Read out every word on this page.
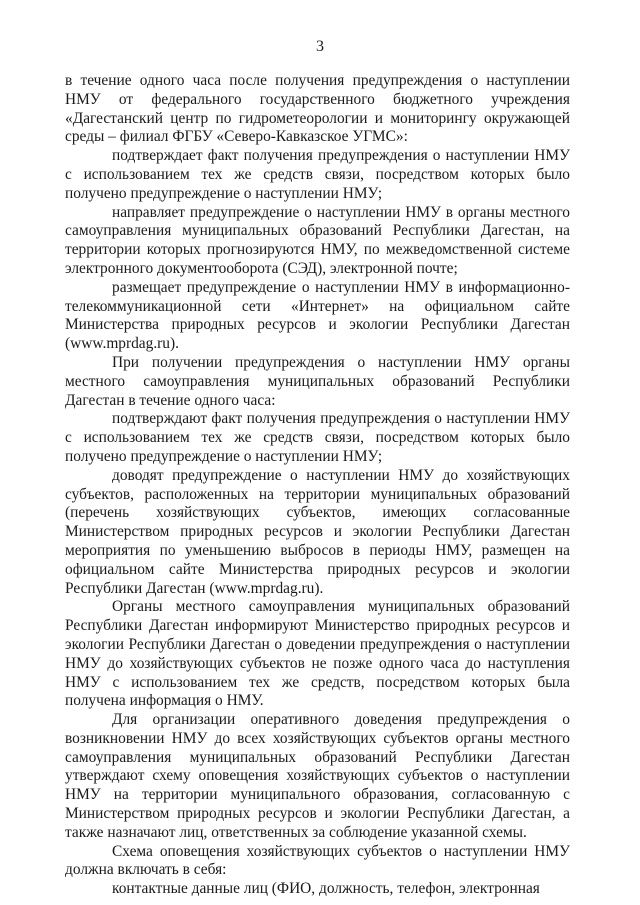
3

в течение одного часа после получения предупреждения о наступлении НМУ от федерального государственного бюджетного учреждения «Дагестанский центр по гидрометеорологии и мониторингу окружающей среды – филиал ФГБУ «Северо-Кавказское УГМС»:

подтверждает факт получения предупреждения о наступлении НМУ с использованием тех же средств связи, посредством которых было получено предупреждение о наступлении НМУ;

направляет предупреждение о наступлении НМУ в органы местного самоуправления муниципальных образований Республики Дагестан, на территории которых прогнозируются НМУ, по межведомственной системе электронного документооборота (СЭД), электронной почте;

размещает предупреждение о наступлении НМУ в информационно-телекоммуникационной сети «Интернет» на официальном сайте Министерства природных ресурсов и экологии Республики Дагестан (www.mprdag.ru).

При получении предупреждения о наступлении НМУ органы местного самоуправления муниципальных образований Республики Дагестан в течение одного часа:

подтверждают факт получения предупреждения о наступлении НМУ с использованием тех же средств связи, посредством которых было получено предупреждение о наступлении НМУ;

доводят предупреждение о наступлении НМУ до хозяйствующих субъектов, расположенных на территории муниципальных образований (перечень хозяйствующих субъектов, имеющих согласованные Министерством природных ресурсов и экологии Республики Дагестан мероприятия по уменьшению выбросов в периоды НМУ, размещен на официальном сайте Министерства природных ресурсов и экологии Республики Дагестан (www.mprdag.ru).

Органы местного самоуправления муниципальных образований Республики Дагестан информируют Министерство природных ресурсов и экологии Республики Дагестан о доведении предупреждения о наступлении НМУ до хозяйствующих субъектов не позже одного часа до наступления НМУ с использованием тех же средств, посредством которых была получена информация о НМУ.

Для организации оперативного доведения предупреждения о возникновении НМУ до всех хозяйствующих субъектов органы местного самоуправления муниципальных образований Республики Дагестан утверждают схему оповещения хозяйствующих субъектов о наступлении НМУ на территории муниципального образования, согласованную с Министерством природных ресурсов и экологии Республики Дагестан, а также назначают лиц, ответственных за соблюдение указанной схемы.

Схема оповещения хозяйствующих субъектов о наступлении НМУ должна включать в себя:

контактные данные лиц (ФИО, должность, телефон, электронная
